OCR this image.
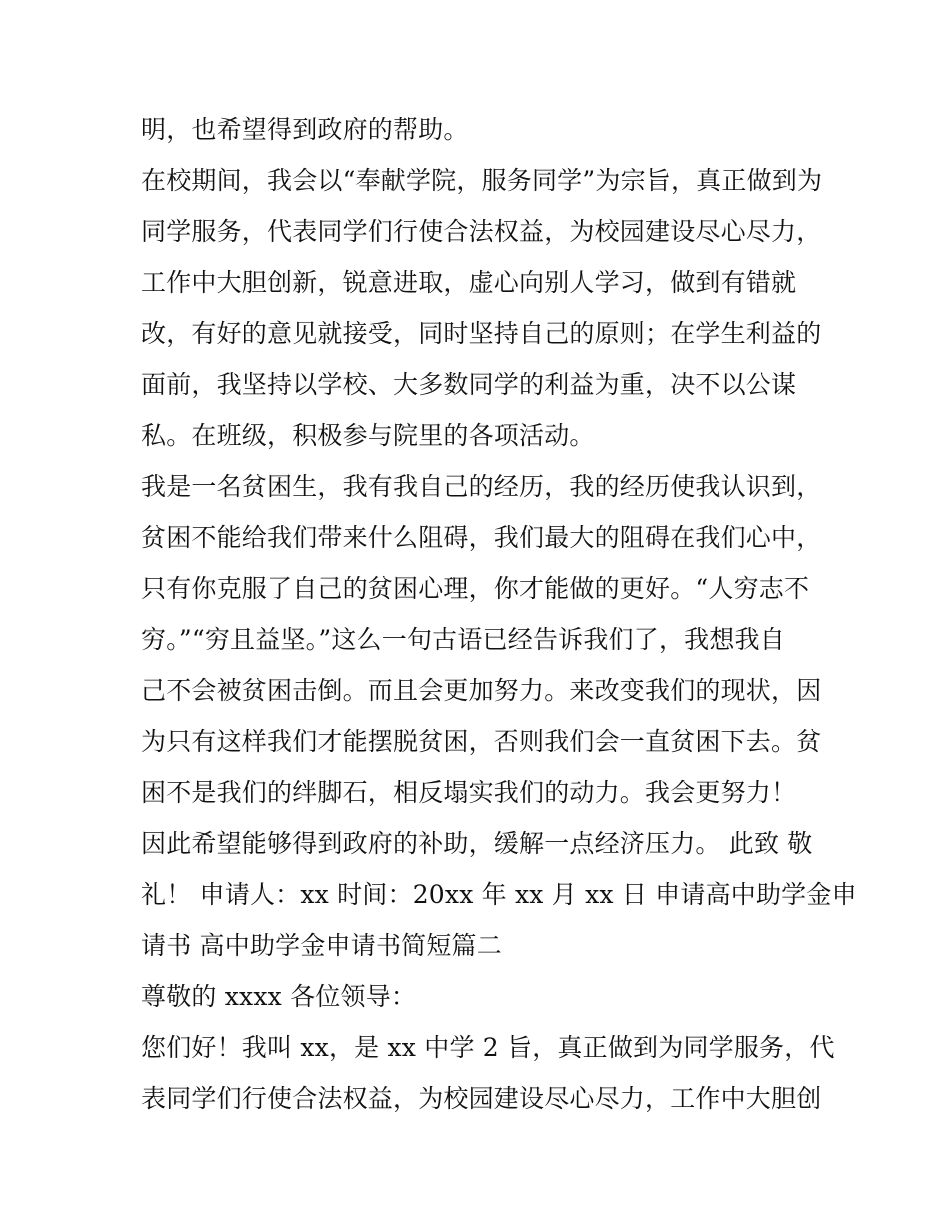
明，也希望得到政府的帮助。
在校期间，我会以“奉献学院，服务同学”为宗旨，真正做到为
同学服务，代表同学们行使合法权益，为校园建设尽心尽力，
工作中大胆创新，锐意进取，虚心向别人学习，做到有错就
改，有好的意见就接受，同时坚持自己的原则；在学生利益的
面前，我坚持以学校、大多数同学的利益为重，决不以公谋
私。在班级，积极参与院里的各项活动。
我是一名贫困生，我有我自己的经历，我的经历使我认识到，
贫困不能给我们带来什么阻碍，我们最大的阻碍在我们心中，
只有你克服了自己的贫困心理，你才能做的更好。“人穷志不
穷。”“穷且益坚。”这么一句古语已经告诉我们了，我想我自
己不会被贫困击倒。而且会更加努力。来改变我们的现状，因
为只有这样我们才能摆脱贫困，否则我们会一直贫困下去。贫
困不是我们的绊脚石，相反塌实我们的动力。我会更努力！
因此希望能够得到政府的补助，缓解一点经济压力。 此致 敬
礼！ 申请人：xx 时间：20xx 年 xx 月 xx 日 申请高中助学金申
请书 高中助学金申请书简短篇二
尊敬的 xxxx 各位领导：
您们好！我叫 xx，是 xx 中学 2 旨，真正做到为同学服务，代
表同学们行使合法权益，为校园建设尽心尽力，工作中大胆创
